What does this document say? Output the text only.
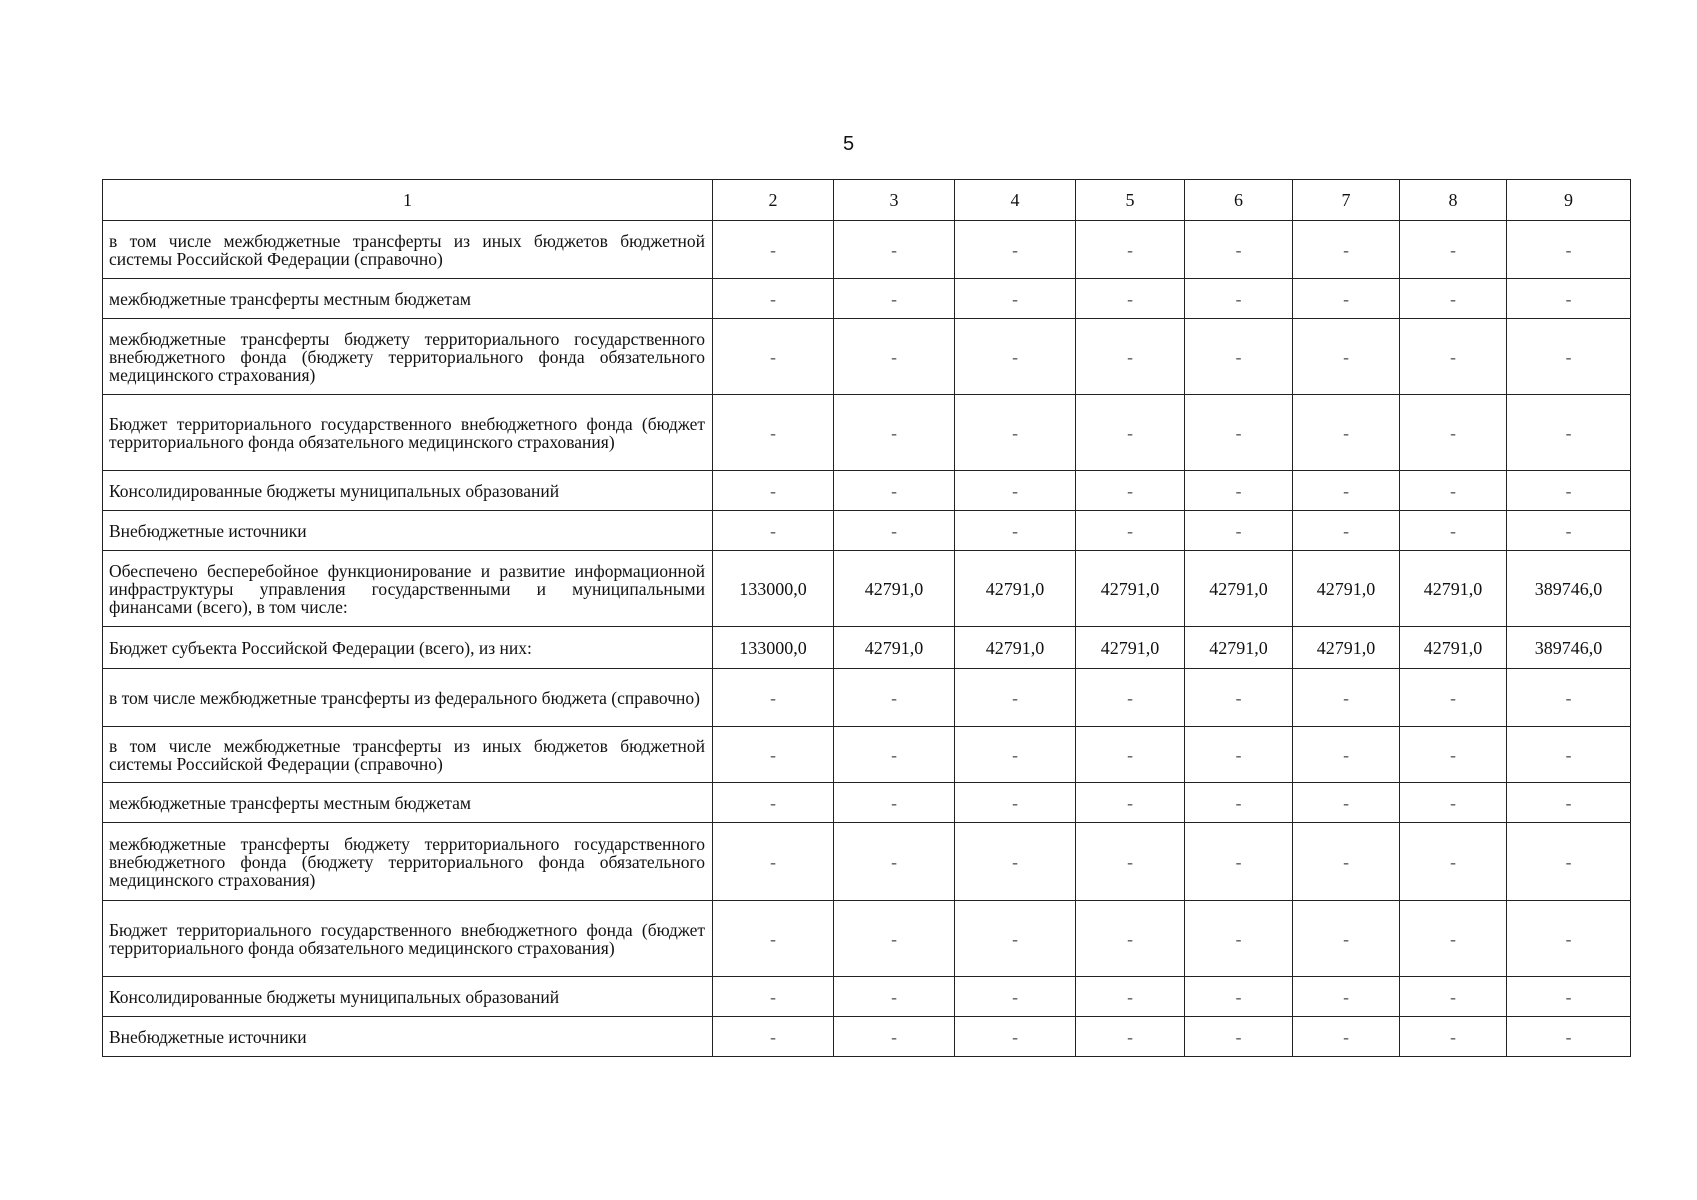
5
1	2	3	4	5	6	7	8	9
в том числе межбюджетные трансферты из иных бюджетов бюджетной системы Российской Федерации (справочно)	-	-	-	-	-	-	-	-
межбюджетные трансферты местным бюджетам	-	-	-	-	-	-	-	-
межбюджетные трансферты бюджету территориального государственного внебюджетного фонда (бюджету территориального фонда обязательного медицинского страхования)	-	-	-	-	-	-	-	-
Бюджет территориального государственного внебюджетного фонда (бюджет территориального фонда обязательного медицинского страхования)	-	-	-	-	-	-	-	-
Консолидированные бюджеты муниципальных образований	-	-	-	-	-	-	-	-
Внебюджетные источники	-	-	-	-	-	-	-	-
Обеспечено бесперебойное функционирование и развитие информационной инфраструктуры управления государственными и муниципальными финансами (всего), в том числе:	133000,0	42791,0	42791,0	42791,0	42791,0	42791,0	42791,0	389746,0
Бюджет субъекта Российской Федерации (всего), из них:	133000,0	42791,0	42791,0	42791,0	42791,0	42791,0	42791,0	389746,0
в том числе межбюджетные трансферты из федерального бюджета (справочно)	-	-	-	-	-	-	-	-
в том числе межбюджетные трансферты из иных бюджетов бюджетной системы Российской Федерации (справочно)	-	-	-	-	-	-	-	-
межбюджетные трансферты местным бюджетам	-	-	-	-	-	-	-	-
межбюджетные трансферты бюджету территориального государственного внебюджетного фонда (бюджету территориального фонда обязательного медицинского страхования)	-	-	-	-	-	-	-	-
Бюджет территориального государственного внебюджетного фонда (бюджет территориального фонда обязательного медицинского страхования)	-	-	-	-	-	-	-	-
Консолидированные бюджеты муниципальных образований	-	-	-	-	-	-	-	-
Внебюджетные источники	-	-	-	-	-	-	-	-
